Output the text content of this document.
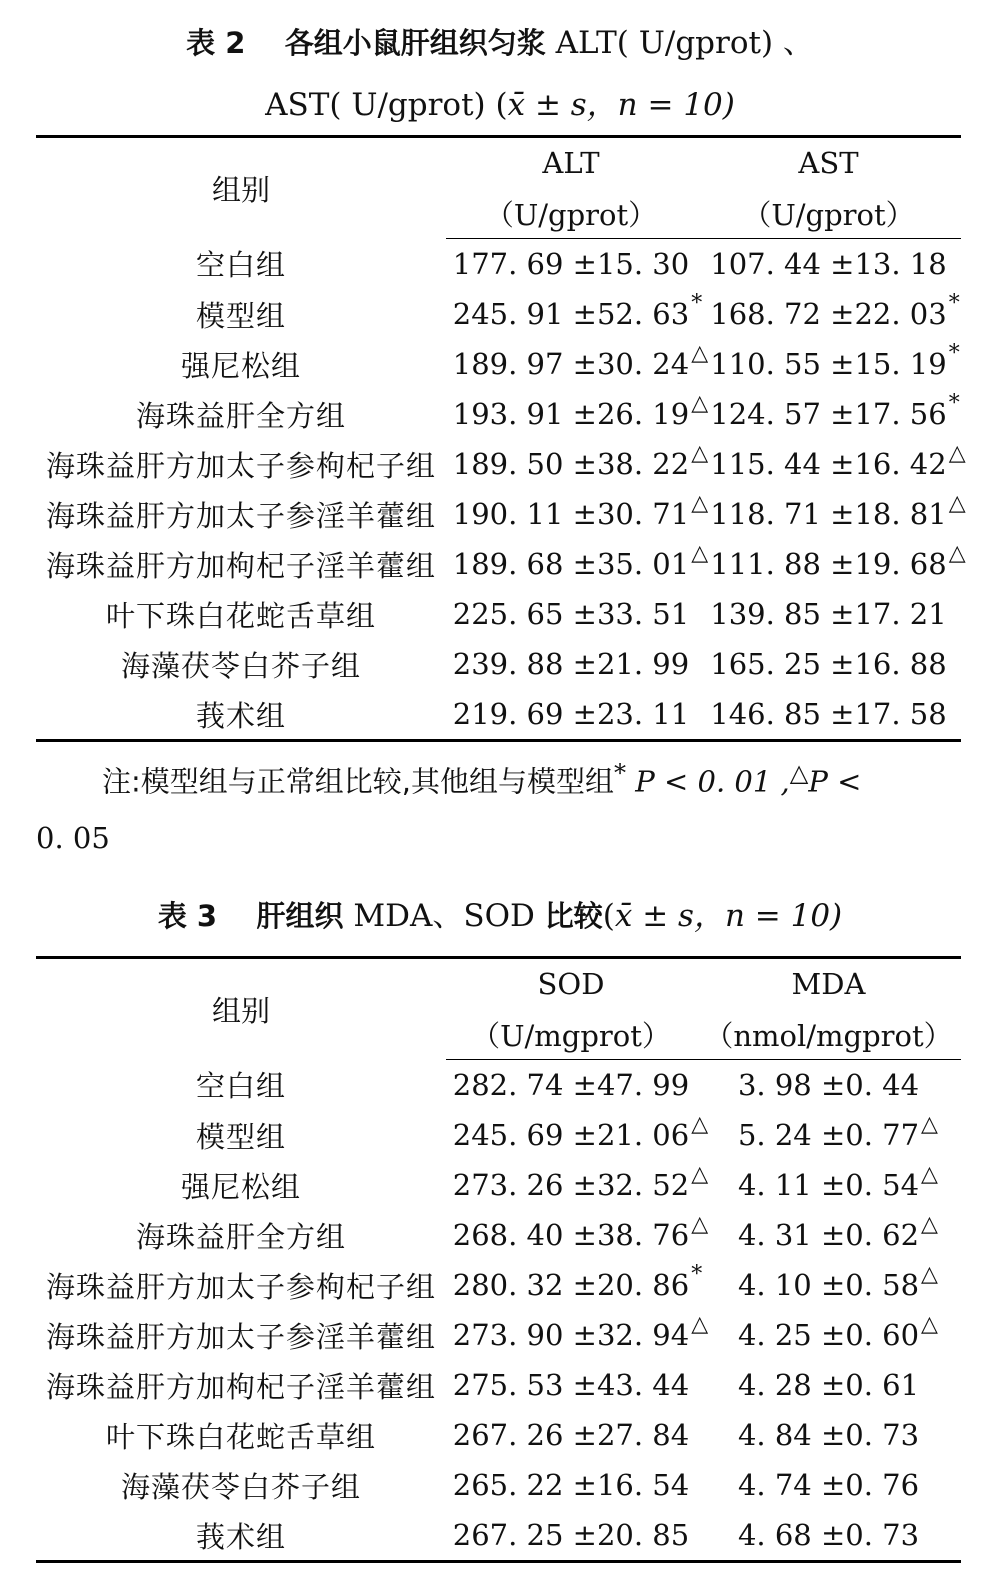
表 2 各组小鼠肝组织匀浆 ALT( U/gprot) 、
AST( U/gprot) (x̄ ± s，n = 10)
组别	ALT	AST
	（U/gprot）	（U/gprot）
空白组	177. 69 ±15. 30	107. 44 ±13. 18

模型组	245. 91 ±52. 63 *	168. 72 ±22. 03 *

强尼松组	189. 97 ±30. 24 △	110. 55 ±15. 19 *

海珠益肝全方组	193. 91 ±26. 19 △	124. 57 ±17. 56 *

海珠益肝方加太子参枸杞子组	189. 50 ±38. 22 △	115. 44 ±16. 42 △

海珠益肝方加太子参淫羊藿组	190. 11 ±30. 71 △	118. 71 ±18. 81 △

海珠益肝方加枸杞子淫羊藿组	189. 68 ±35. 01 △	111. 88 ±19. 68 △

叶下珠白花蛇舌草组	225. 65 ±33. 51	139. 85 ±17. 21

海藻茯苓白芥子组	239. 88 ±21. 99	165. 25 ±16. 88

莪术组	219. 69 ±23. 11	146. 85 ±17. 58
注:模型组与正常组比较,其他组与模型组* P < 0. 01 ,△P <
0. 05
表 3 肝组织 MDA、SOD 比较(x̄ ± s，n = 10)
组别	SOD	MDA
	（U/mgprot）	（nmol/mgprot）
空白组	282. 74 ±47. 99	3. 98 ±0. 44

模型组	245. 69 ±21. 06 △	5. 24 ±0. 77 △

强尼松组	273. 26 ±32. 52 △	4. 11 ±0. 54 △

海珠益肝全方组	268. 40 ±38. 76 △	4. 31 ±0. 62 △

海珠益肝方加太子参枸杞子组	280. 32 ±20. 86 *	4. 10 ±0. 58 △

海珠益肝方加太子参淫羊藿组	273. 90 ±32. 94 △	4. 25 ±0. 60 △

海珠益肝方加枸杞子淫羊藿组	275. 53 ±43. 44	4. 28 ±0. 61

叶下珠白花蛇舌草组	267. 26 ±27. 84	4. 84 ±0. 73

海藻茯苓白芥子组	265. 22 ±16. 54	4. 74 ±0. 76

莪术组	267. 25 ±20. 85	4. 68 ±0. 73
